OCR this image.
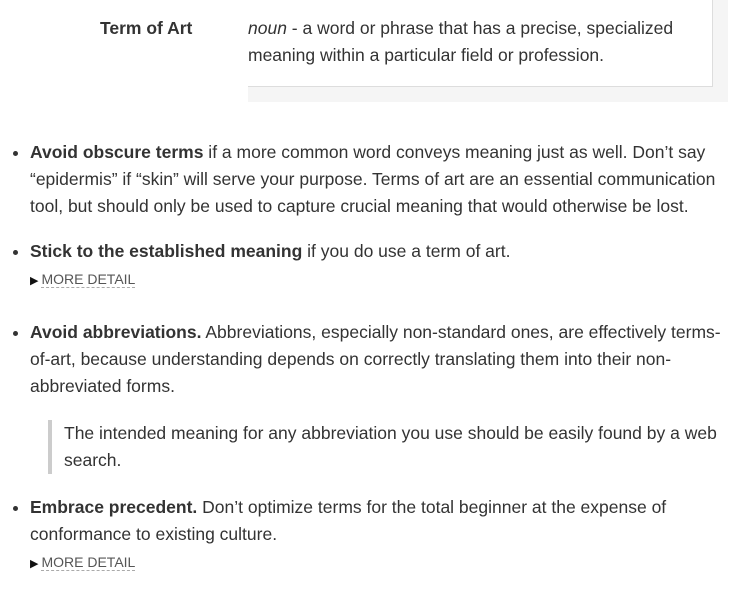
Term of Art	noun - a word or phrase that has a precise, specialized meaning within a particular field or profession.
• Avoid obscure terms if a more common word conveys meaning just as well. Don’t say “epidermis” if “skin” will serve your purpose. Terms of art are an essential communication tool, but should only be used to capture crucial meaning that would otherwise be lost.
• Stick to the established meaning if you do use a term of art.
▶ MORE DETAIL
• Avoid abbreviations. Abbreviations, especially non-standard ones, are effectively terms-of-art, because understanding depends on correctly translating them into their non-abbreviated forms.
The intended meaning for any abbreviation you use should be easily found by a web search.
• Embrace precedent. Don’t optimize terms for the total beginner at the expense of conformance to existing culture.
▶ MORE DETAIL
